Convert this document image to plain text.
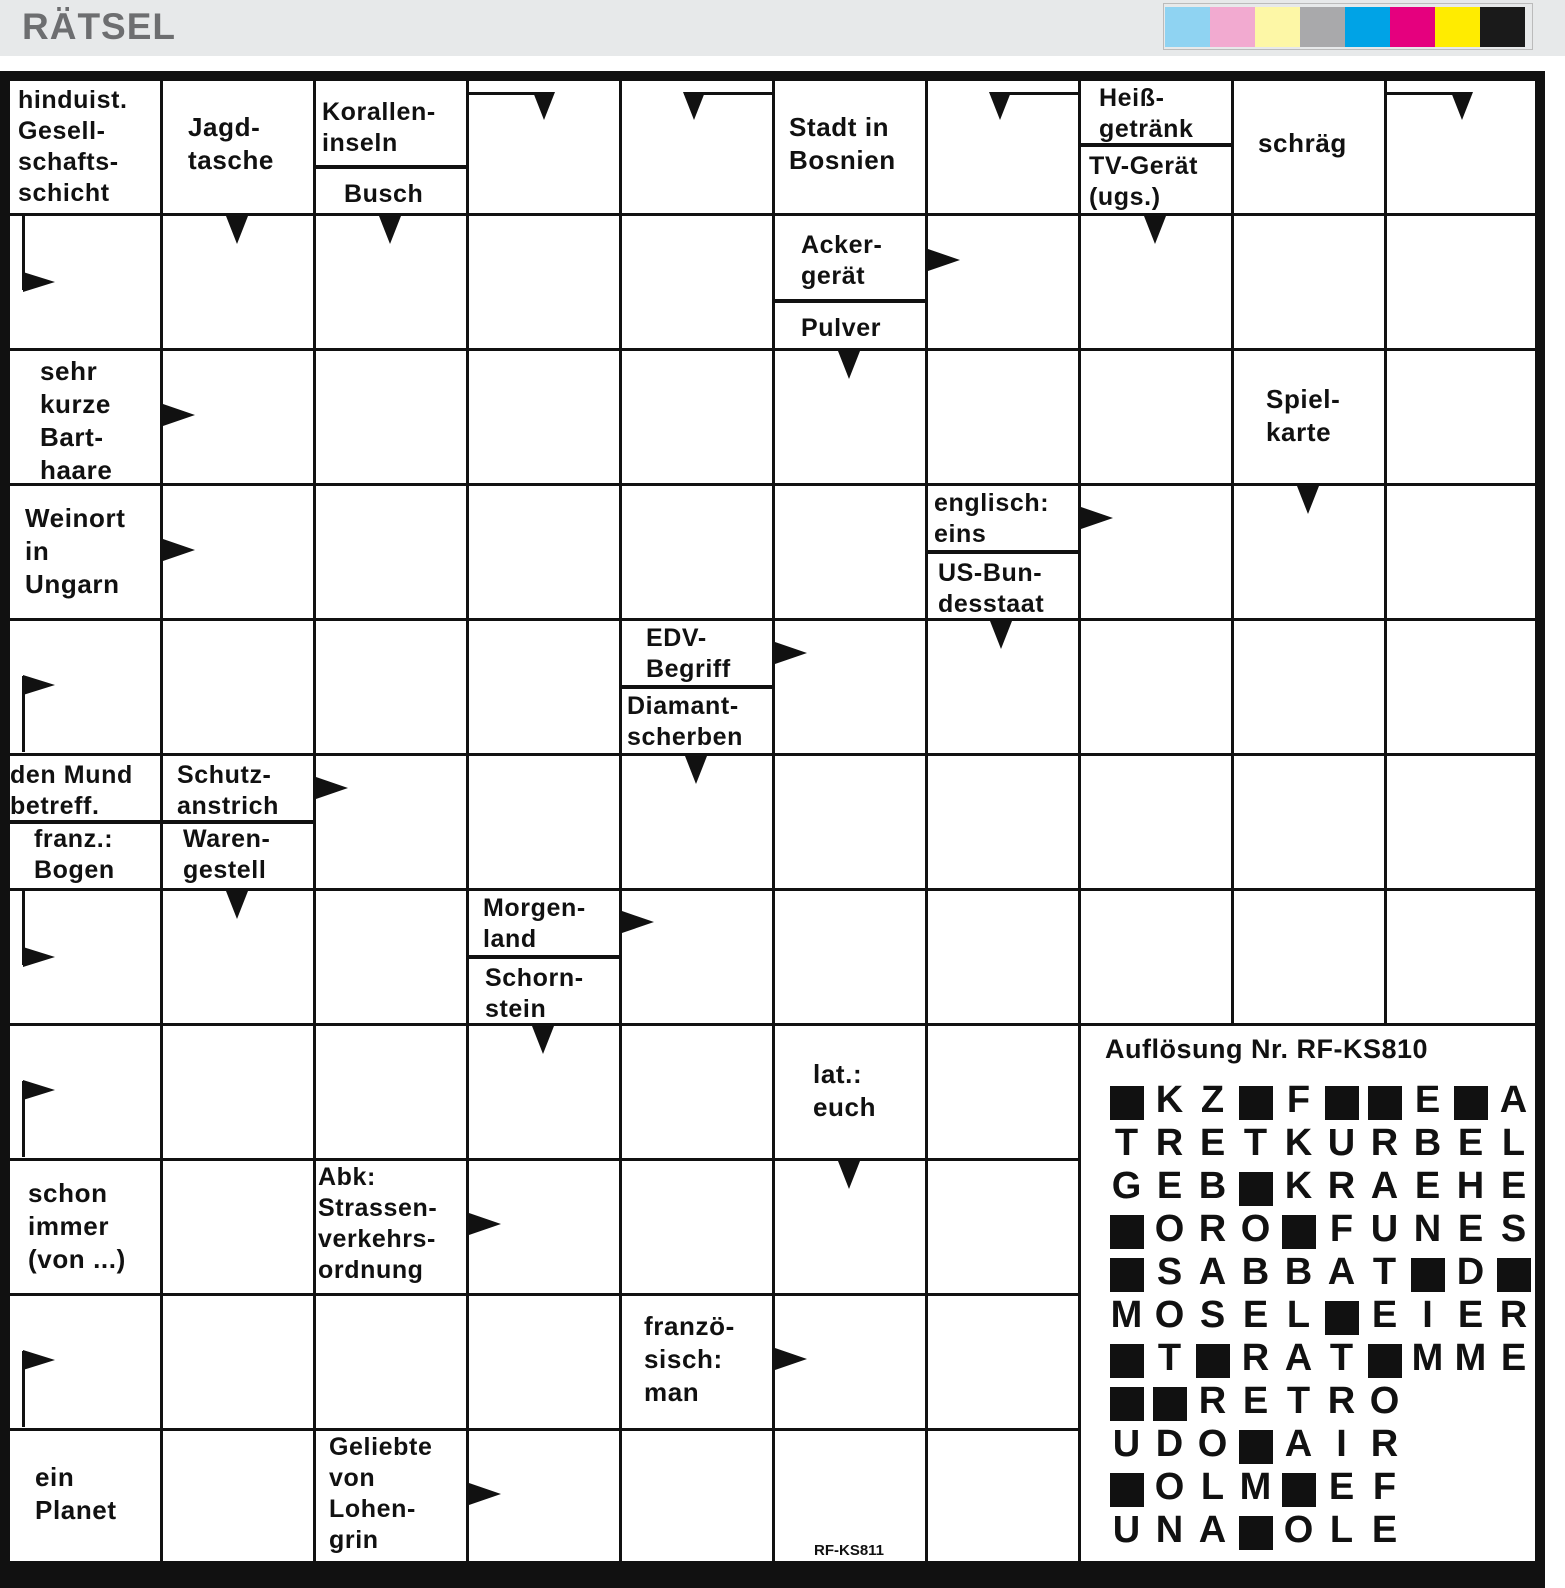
RÄTSEL
hinduist.
Gesell-
schafts-
schicht
Jagd-
tasche
Korallen-
inseln
Busch
Stadt in
Bosnien
Heiß-
getränk
TV-Gerät
(ugs.)
schräg
Acker-
gerät
Pulver
sehr
kurze
Bart-
haare
Spiel-
karte
Weinort
in
Ungarn
englisch:
eins
US-Bun-
desstaat
EDV-
Begriff
Diamant-
scherben
den Mund
betreff.
franz.:
Bogen
Schutz-
anstrich
Waren-
gestell
Morgen-
land
Schorn-
stein
lat.:
euch
schon
immer
(von ...)
Abk:
Strassen-
verkehrs-
ordnung
franzö-
sisch:
man
ein
Planet
Geliebte
von
Lohen-
grin	RF-KS811
Auflösung Nr. RF-KS810
K Z F	E A
T R E T K U R B E L
G E B K R A E H E
O R O F U N E S
S A B B A T D
M O S E L E I E R
T R A T M M E
R E T R O
U D O A I R
O L M E F
U N A O L E
